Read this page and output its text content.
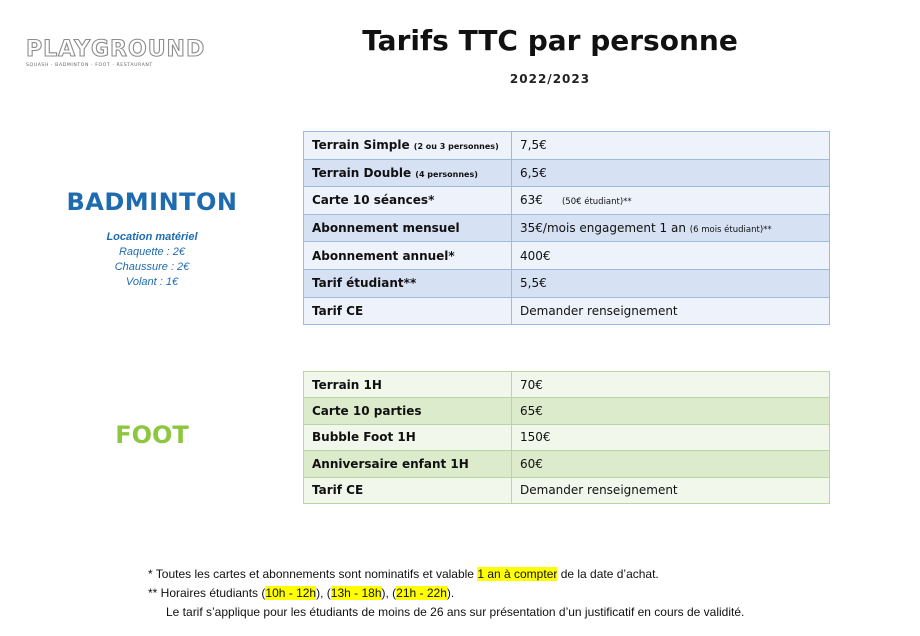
PLAYGROUND
SQUASH · BADMINTON · FOOT · RESTAURANT
Tarifs TTC par personne
2022/2023
BADMINTON
Location matériel
Raquette : 2€
Chaussure : 2€
Volant : 1€
Terrain Simple (2 ou 3 personnes)	7,5€
Terrain Double (4 personnes)	6,5€
Carte 10 séances*	63€ (50€ étudiant)**
Abonnement mensuel	35€/mois engagement 1 an (6 mois étudiant)**
Abonnement annuel*	400€
Tarif étudiant**	5,5€
Tarif CE	Demander renseignement
FOOT
Terrain 1H	70€
Carte 10 parties	65€
Bubble Foot 1H	150€
Anniversaire enfant 1H	60€
Tarif CE	Demander renseignement
* Toutes les cartes et abonnements sont nominatifs et valable 1 an à compter de la date d’achat.
** Horaires étudiants (10h - 12h), (13h - 18h), (21h - 22h).
Le tarif s’applique pour les étudiants de moins de 26 ans sur présentation d’un justificatif en cours de validité.
